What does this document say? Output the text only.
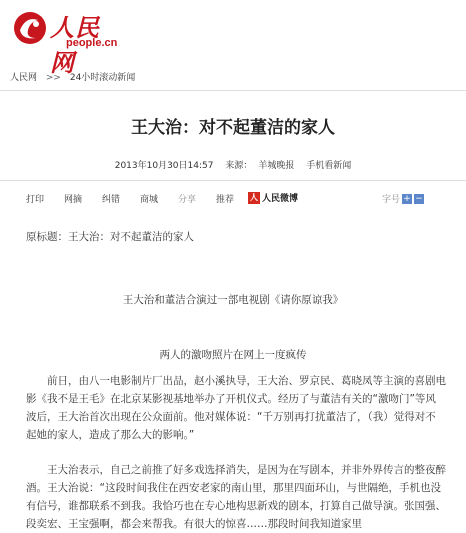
人民网
people.cn
人民网 >> 24小时滚动新闻
王大治：对不起董洁的家人
2013年10月30日14:57 来源： 羊城晚报 手机看新闻
打印 网摘 纠错 商城 分享 推荐 人 人民微博	字号 + −

原标题：王大治：对不起董洁的家人

王大治和董洁合演过一部电视剧《请你原谅我》

两人的激吻照片在网上一度疯传

前日，由八一电影制片厂出品，赵小溪执导，王大治、罗京民、葛晓凤等主演的喜剧电影《我不是王毛》在北京某影视基地举办了开机仪式。经历了与董洁有关的“激吻门”等风波后，王大治首次出现在公众面前。他对媒体说：“千万别再打扰董洁了，（我）觉得对不起她的家人，造成了那么大的影响。”

王大治表示，自己之前推了好多戏选择消失，是因为在写剧本，并非外界传言的整夜醉酒。王大治说：“这段时间我住在西安老家的南山里，那里四面环山，与世隔绝，手机也没有信号，谁都联系不到我。我恰巧也在专心地构思新戏的剧本，打算自己做导演。张国强、段奕宏、王宝强啊，都会来帮我。有很大的惊喜……那段时间我知道家里
